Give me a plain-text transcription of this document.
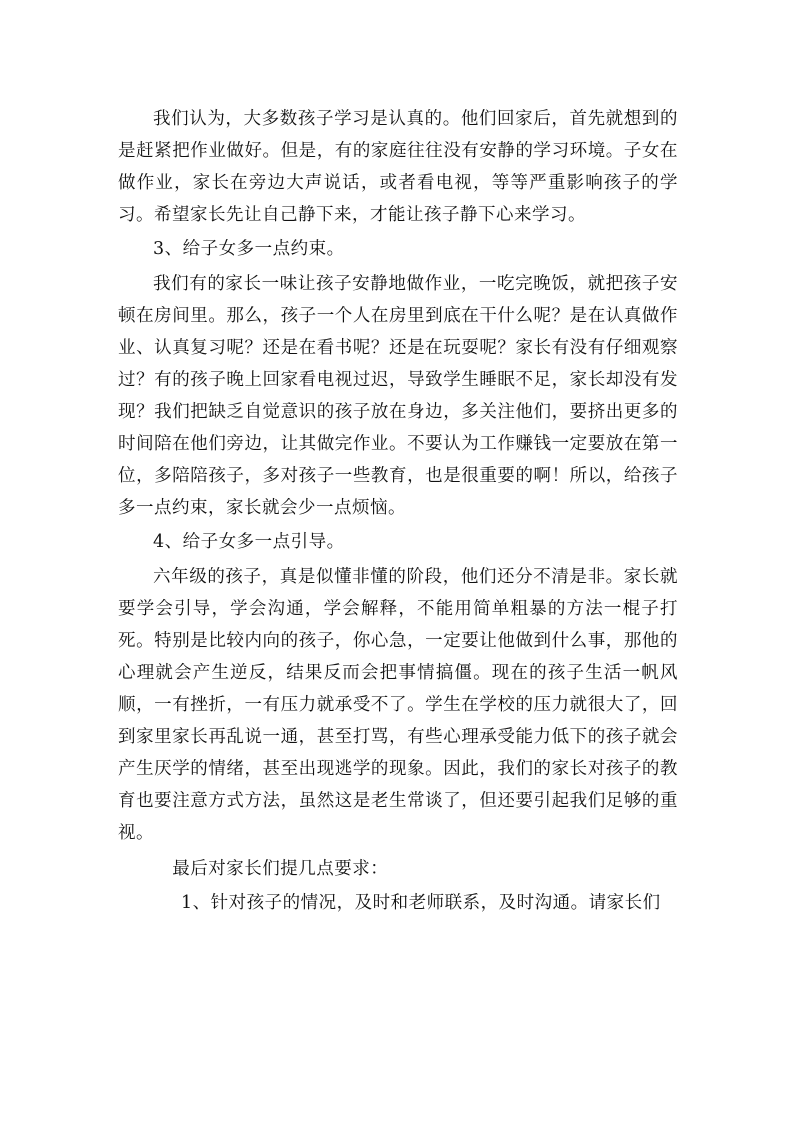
我们认为，大多数孩子学习是认真的。他们回家后，首先就想到的是赶紧把作业做好。但是，有的家庭往往没有安静的学习环境。子女在做作业，家长在旁边大声说话，或者看电视，等等严重影响孩子的学习。希望家长先让自己静下来，才能让孩子静下心来学习。

3、给子女多一点约束。

我们有的家长一味让孩子安静地做作业，一吃完晚饭，就把孩子安顿在房间里。那么，孩子一个人在房里到底在干什么呢？是在认真做作业、认真复习呢？还是在看书呢？还是在玩耍呢？家长有没有仔细观察过？有的孩子晚上回家看电视过迟，导致学生睡眠不足，家长却没有发现？我们把缺乏自觉意识的孩子放在身边，多关注他们，要挤出更多的时间陪在他们旁边，让其做完作业。不要认为工作赚钱一定要放在第一位，多陪陪孩子，多对孩子一些教育，也是很重要的啊！所以，给孩子多一点约束，家长就会少一点烦恼。

4、给子女多一点引导。

六年级的孩子，真是似懂非懂的阶段，他们还分不清是非。家长就要学会引导，学会沟通，学会解释，不能用简单粗暴的方法一棍子打死。特别是比较内向的孩子，你心急，一定要让他做到什么事，那他的心理就会产生逆反，结果反而会把事情搞僵。现在的孩子生活一帆风顺，一有挫折，一有压力就承受不了。学生在学校的压力就很大了，回到家里家长再乱说一通，甚至打骂，有些心理承受能力低下的孩子就会产生厌学的情绪，甚至出现逃学的现象。因此，我们的家长对孩子的教育也要注意方式方法，虽然这是老生常谈了，但还要引起我们足够的重视。

最后对家长们提几点要求：

1、针对孩子的情况，及时和老师联系，及时沟通。请家长们
